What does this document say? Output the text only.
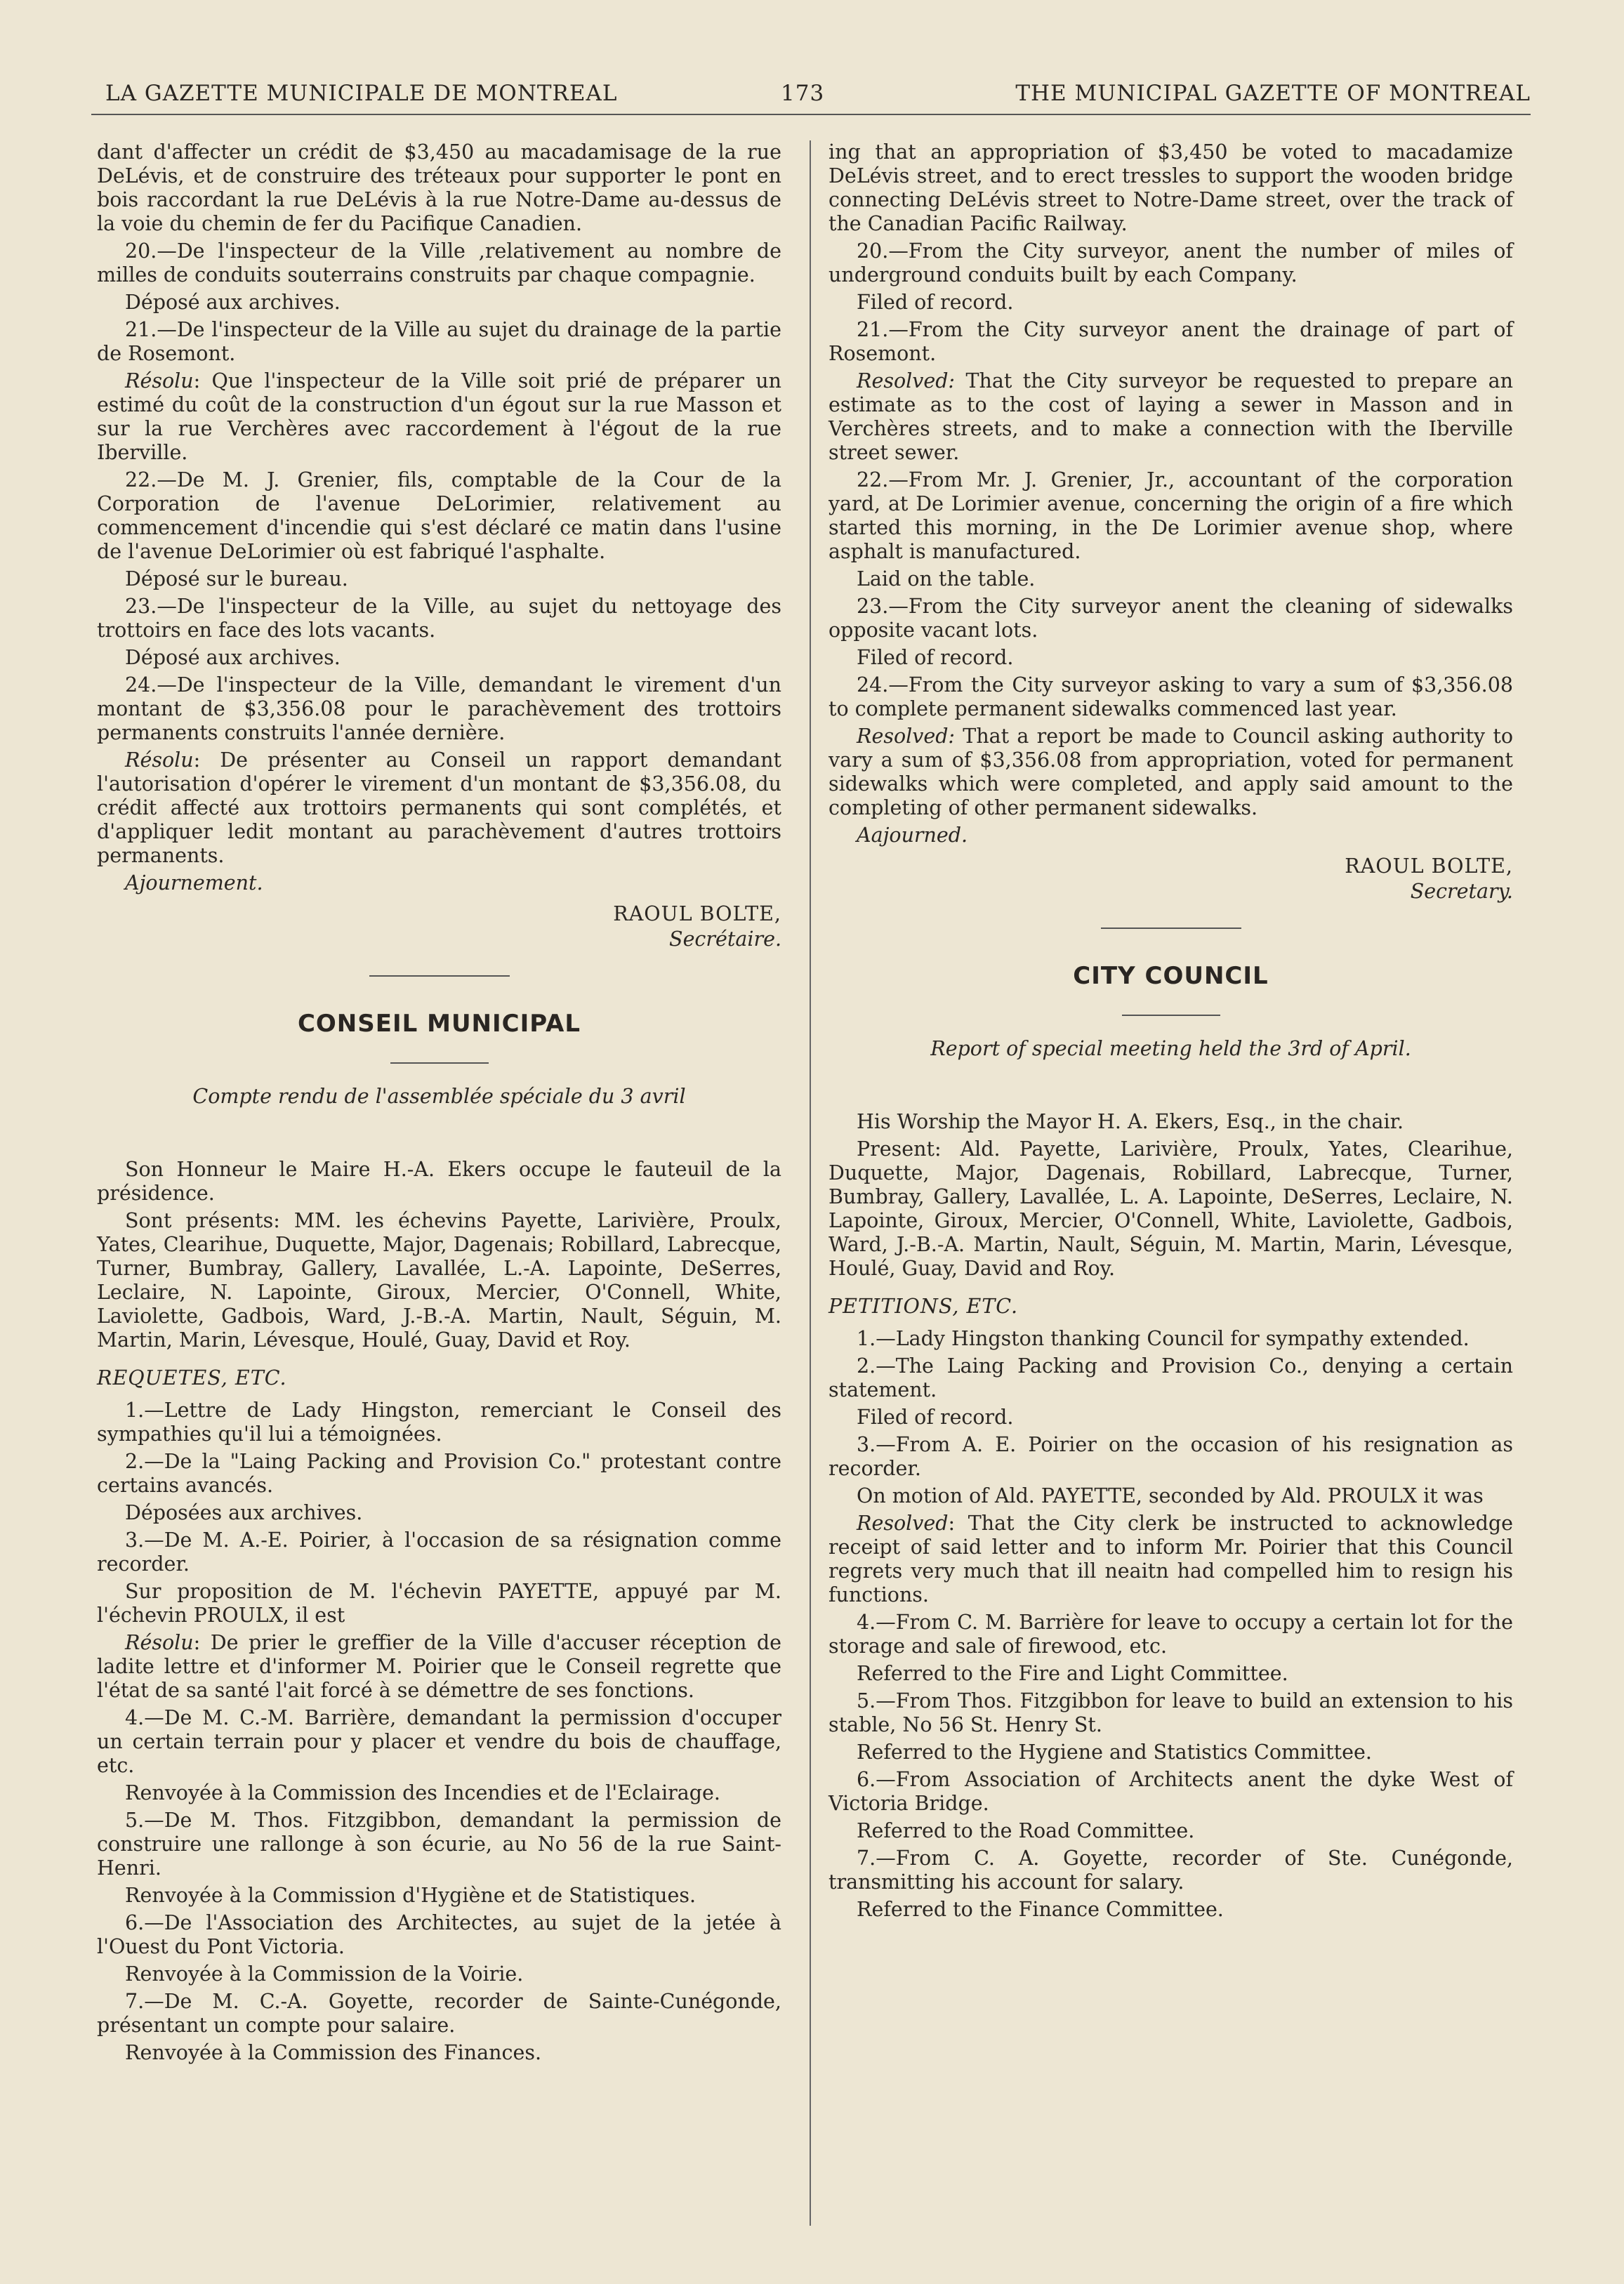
LA GAZETTE MUNICIPALE DE MONTREAL	173	THE MUNICIPAL GAZETTE OF MONTREAL

dant d'affecter un crédit de $3,450 au macadamisage de la rue DeLévis, et de construire des tréteaux pour supporter le pont en bois raccordant la rue DeLévis à la rue Notre-Dame au-dessus de la voie du chemin de fer du Pacifique Canadien.

20.—De l'inspecteur de la Ville ,relativement au nombre de milles de conduits souterrains construits par chaque compagnie.

Déposé aux archives.

21.—De l'inspecteur de la Ville au sujet du drainage de la partie de Rosemont.

Résolu: Que l'inspecteur de la Ville soit prié de préparer un estimé du coût de la construction d'un égout sur la rue Masson et sur la rue Verchères avec raccordement à l'égout de la rue Iberville.

22.—De M. J. Grenier, fils, comptable de la Cour de la Corporation de l'avenue DeLorimier, relativement au commencement d'incendie qui s'est déclaré ce matin dans l'usine de l'avenue DeLorimier où est fabriqué l'asphalte.

Déposé sur le bureau.

23.—De l'inspecteur de la Ville, au sujet du nettoyage des trottoirs en face des lots vacants.

Déposé aux archives.

24.—De l'inspecteur de la Ville, demandant le virement d'un montant de $3,356.08 pour le parachèvement des trottoirs permanents construits l'année dernière.

Résolu: De présenter au Conseil un rapport demandant l'autorisation d'opérer le virement d'un montant de $3,356.08, du crédit affecté aux trottoirs permanents qui sont complétés, et d'appliquer ledit montant au parachèvement d'autres trottoirs permanents.

Ajournement.

RAOUL BOLTE,
Secrétaire.
CONSEIL MUNICIPAL
Compte rendu de l'assemblée spéciale du 3 avril

Son Honneur le Maire H.-A. Ekers occupe le fauteuil de la présidence.

Sont présents: MM. les échevins Payette, Larivière, Proulx, Yates, Clearihue, Duquette, Major, Dagenais; Robillard, Labrecque, Turner, Bumbray, Gallery, Lavallée, L.-A. Lapointe, DeSerres, Leclaire, N. Lapointe, Giroux, Mercier, O'Connell, White, Laviolette, Gadbois, Ward, J.-B.-A. Martin, Nault, Séguin, M. Martin, Marin, Lévesque, Houlé, Guay, David et Roy.

REQUETES, ETC.

1.—Lettre de Lady Hingston, remerciant le Conseil des sympathies qu'il lui a témoignées.

2.—De la "Laing Packing and Provision Co." protestant contre certains avancés.

Déposées aux archives.

3.—De M. A.-E. Poirier, à l'occasion de sa résignation comme recorder.

Sur proposition de M. l'échevin PAYETTE, appuyé par M. l'échevin PROULX, il est

Résolu: De prier le greffier de la Ville d'accuser réception de ladite lettre et d'informer M. Poirier que le Conseil regrette que l'état de sa santé l'ait forcé à se démettre de ses fonctions.

4.—De M. C.-M. Barrière, demandant la permission d'occuper un certain terrain pour y placer et vendre du bois de chauffage, etc.

Renvoyée à la Commission des Incendies et de l'Eclairage.

5.—De M. Thos. Fitzgibbon, demandant la permission de construire une rallonge à son écurie, au No 56 de la rue Saint-Henri.

Renvoyée à la Commission d'Hygiène et de Statistiques.

6.—De l'Association des Architectes, au sujet de la jetée à l'Ouest du Pont Victoria.

Renvoyée à la Commission de la Voirie.

7.—De M. C.-A. Goyette, recorder de Sainte-Cunégonde, présentant un compte pour salaire.

Renvoyée à la Commission des Finances.

ing that an appropriation of $3,450 be voted to macadamize DeLévis street, and to erect tressles to support the wooden bridge connecting DeLévis street to Notre-Dame street, over the track of the Canadian Pacific Railway.

20.—From the City surveyor, anent the number of miles of underground conduits built by each Company.

Filed of record.

21.—From the City surveyor anent the drainage of part of Rosemont.

Resolved: That the City surveyor be requested to prepare an estimate as to the cost of laying a sewer in Masson and in Verchères streets, and to make a connection with the Iberville street sewer.

22.—From Mr. J. Grenier, Jr., accountant of the corporation yard, at De Lorimier avenue, concerning the origin of a fire which started this morning, in the De Lorimier avenue shop, where asphalt is manufactured.

Laid on the table.

23.—From the City surveyor anent the cleaning of sidewalks opposite vacant lots.

Filed of record.

24.—From the City surveyor asking to vary a sum of $3,356.08 to complete permanent sidewalks commenced last year.

Resolved: That a report be made to Council asking authority to vary a sum of $3,356.08 from appropriation, voted for permanent sidewalks which were completed, and apply said amount to the completing of other permanent sidewalks.

Aajourned.

RAOUL BOLTE,
Secretary.
CITY COUNCIL
Report of special meeting held the 3rd of April.

His Worship the Mayor H. A. Ekers, Esq., in the chair.

Present: Ald. Payette, Larivière, Proulx, Yates, Clearihue, Duquette, Major, Dagenais, Robillard, Labrecque, Turner, Bumbray, Gallery, Lavallée, L. A. Lapointe, DeSerres, Leclaire, N. Lapointe, Giroux, Mercier, O'Connell, White, Laviolette, Gadbois, Ward, J.-B.-A. Martin, Nault, Séguin, M. Martin, Marin, Lévesque, Houlé, Guay, David and Roy.

PETITIONS, ETC.

1.—Lady Hingston thanking Council for sympathy extended.

2.—The Laing Packing and Provision Co., denying a certain statement.

Filed of record.

3.—From A. E. Poirier on the occasion of his resignation as recorder.

On motion of Ald. PAYETTE, seconded by Ald. PROULX it was

Resolved: That the City clerk be instructed to acknowledge receipt of said letter and to inform Mr. Poirier that this Council regrets very much that ill neaitn had compelled him to resign his functions.

4.—From C. M. Barrière for leave to occupy a certain lot for the storage and sale of firewood, etc.

Referred to the Fire and Light Committee.

5.—From Thos. Fitzgibbon for leave to build an extension to his stable, No 56 St. Henry St.

Referred to the Hygiene and Statistics Committee.

6.—From Association of Architects anent the dyke West of Victoria Bridge.

Referred to the Road Committee.

7.—From C. A. Goyette, recorder of Ste. Cunégonde, transmitting his account for salary.

Referred to the Finance Committee.
